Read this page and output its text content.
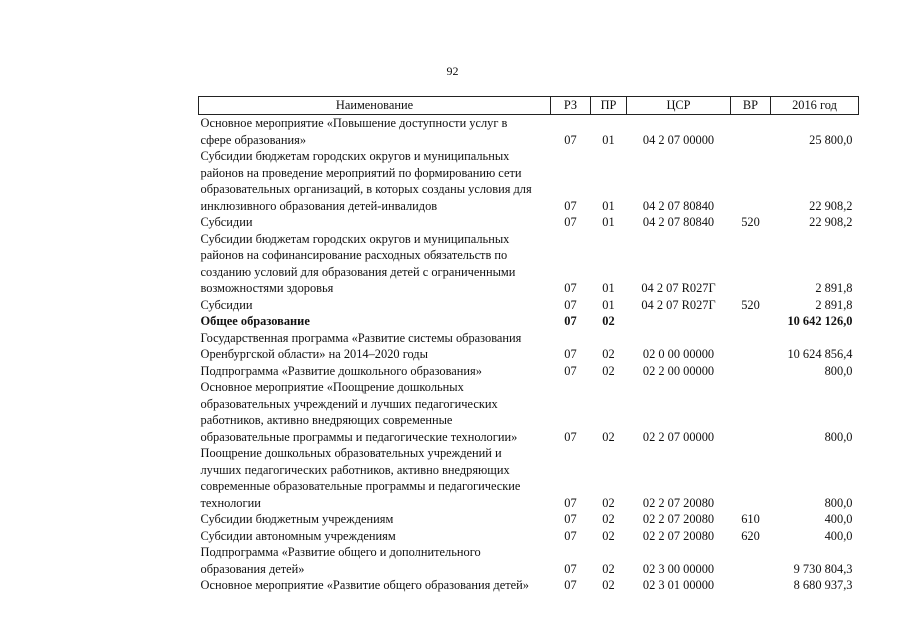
92
Наименование	РЗ	ПР	ЦСР	ВР	2016 год
Основное мероприятие «Повышение доступности услуг в
сфере образования»	07	01	04 2 07 00000		25 800,0
Субсидии бюджетам городских округов и муниципальных
районов на проведение мероприятий по формированию сети
образовательных организаций, в которых созданы условия для
инклюзивного образования детей-инвалидов	07	01	04 2 07 80840		22 908,2
Субсидии	07	01	04 2 07 80840	520	22 908,2
Субсидии бюджетам городских округов и муниципальных
районов на софинансирование расходных обязательств по
созданию условий для образования детей с ограниченными
возможностями здоровья	07	01	04 2 07 R027Г		2 891,8
Субсидии	07	01	04 2 07 R027Г	520	2 891,8
Общее образование	07	02			10 642 126,0
Государственная программа «Развитие системы образования
Оренбургской области» на 2014–2020 годы	07	02	02 0 00 00000		10 624 856,4
Подпрограмма «Развитие дошкольного образования»	07	02	02 2 00 00000		800,0
Основное мероприятие «Поощрение дошкольных
образовательных учреждений и лучших педагогических
работников, активно внедряющих современные
образовательные программы и педагогические технологии»	07	02	02 2 07 00000		800,0
Поощрение дошкольных образовательных учреждений и
лучших педагогических работников, активно внедряющих
современные образовательные программы и педагогические
технологии	07	02	02 2 07 20080		800,0
Субсидии бюджетным учреждениям	07	02	02 2 07 20080	610	400,0
Субсидии автономным учреждениям	07	02	02 2 07 20080	620	400,0
Подпрограмма «Развитие общего и дополнительного
образования детей»	07	02	02 3 00 00000		9 730 804,3
Основное мероприятие «Развитие общего образования детей»	07	02	02 3 01 00000		8 680 937,3
